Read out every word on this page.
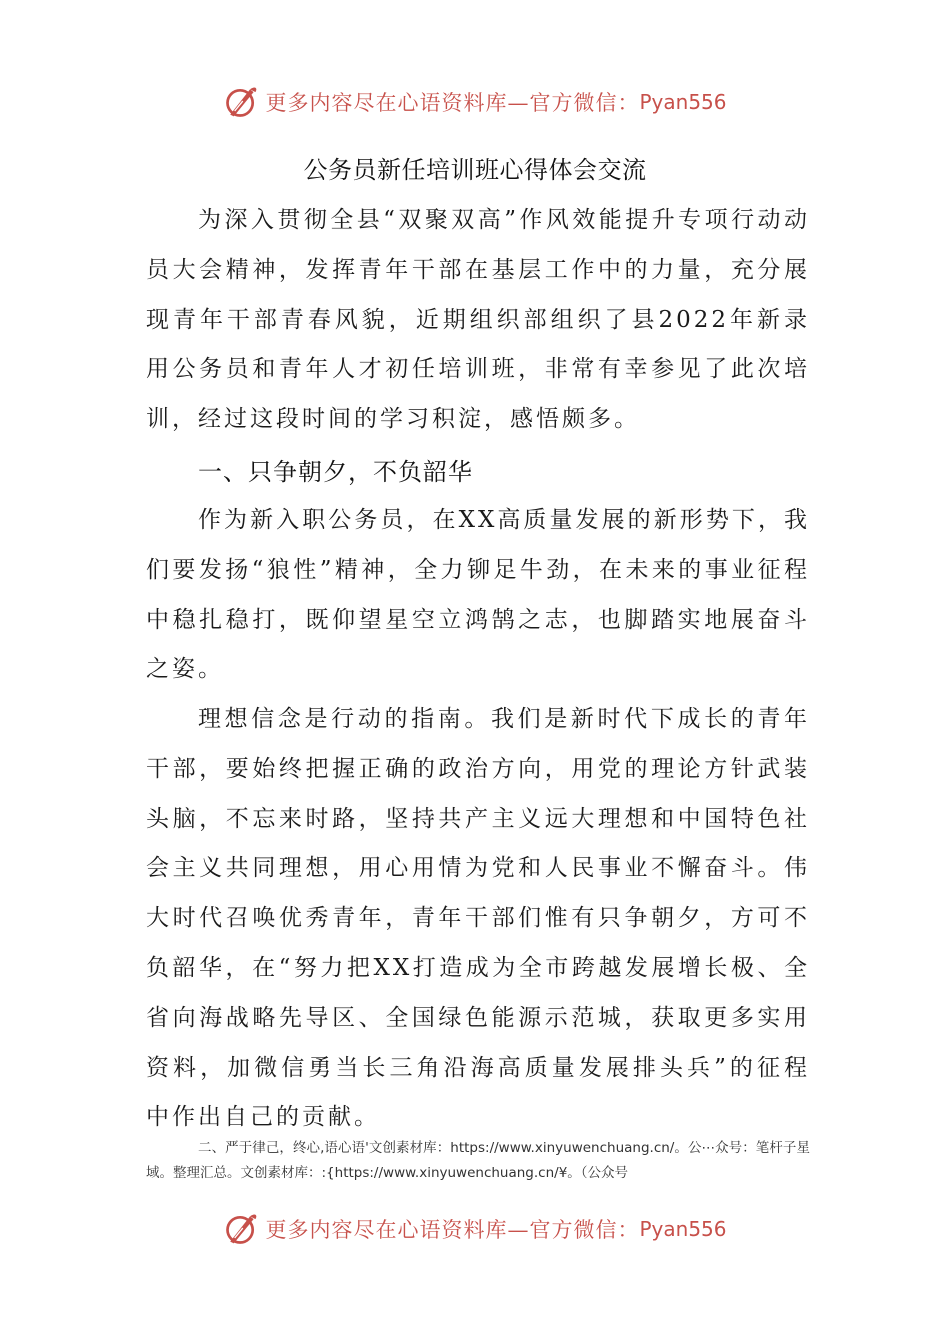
更多内容尽在心语资料库—官方微信： Pyan556
公务员新任培训班心得体会交流

为深入贯彻全县“双聚双高”作风效能提升专项行动动员大会精神，发挥青年干部在基层工作中的力量，充分展现青年干部青春风貌，近期组织部组织了县2022年新录用公务员和青年人才初任培训班，非常有幸参见了此次培训，经过这段时间的学习积淀，感悟颇多。

一、只争朝夕，不负韶华

作为新入职公务员，在XX高质量发展的新形势下，我们要发扬“狼性”精神，全力铆足牛劲，在未来的事业征程中稳扎稳打，既仰望星空立鸿鹄之志，也脚踏实地展奋斗之姿。

理想信念是行动的指南。我们是新时代下成长的青年干部，要始终把握正确的政治方向，用党的理论方针武装头脑，不忘来时路，坚持共产主义远大理想和中国特色社会主义共同理想，用心用情为党和人民事业不懈奋斗。伟大时代召唤优秀青年，青年干部们惟有只争朝夕，方可不负韶华，在“努力把XX打造成为全市跨越发展增长极、全省向海战略先导区、全国绿色能源示范城，获取更多实用资料，加微信勇当长三角沿海高质量发展排头兵”的征程中作出自己的贡献。

二、严于律己，终心,语心语'文创素材库：https://www.xinyuwenchuang.cn/。公⋯众号：笔杆子星域。整理汇总。文创素材库：:{https://www.xinyuwenchuang.cn/¥。（公众号
更多内容尽在心语资料库—官方微信： Pyan556
